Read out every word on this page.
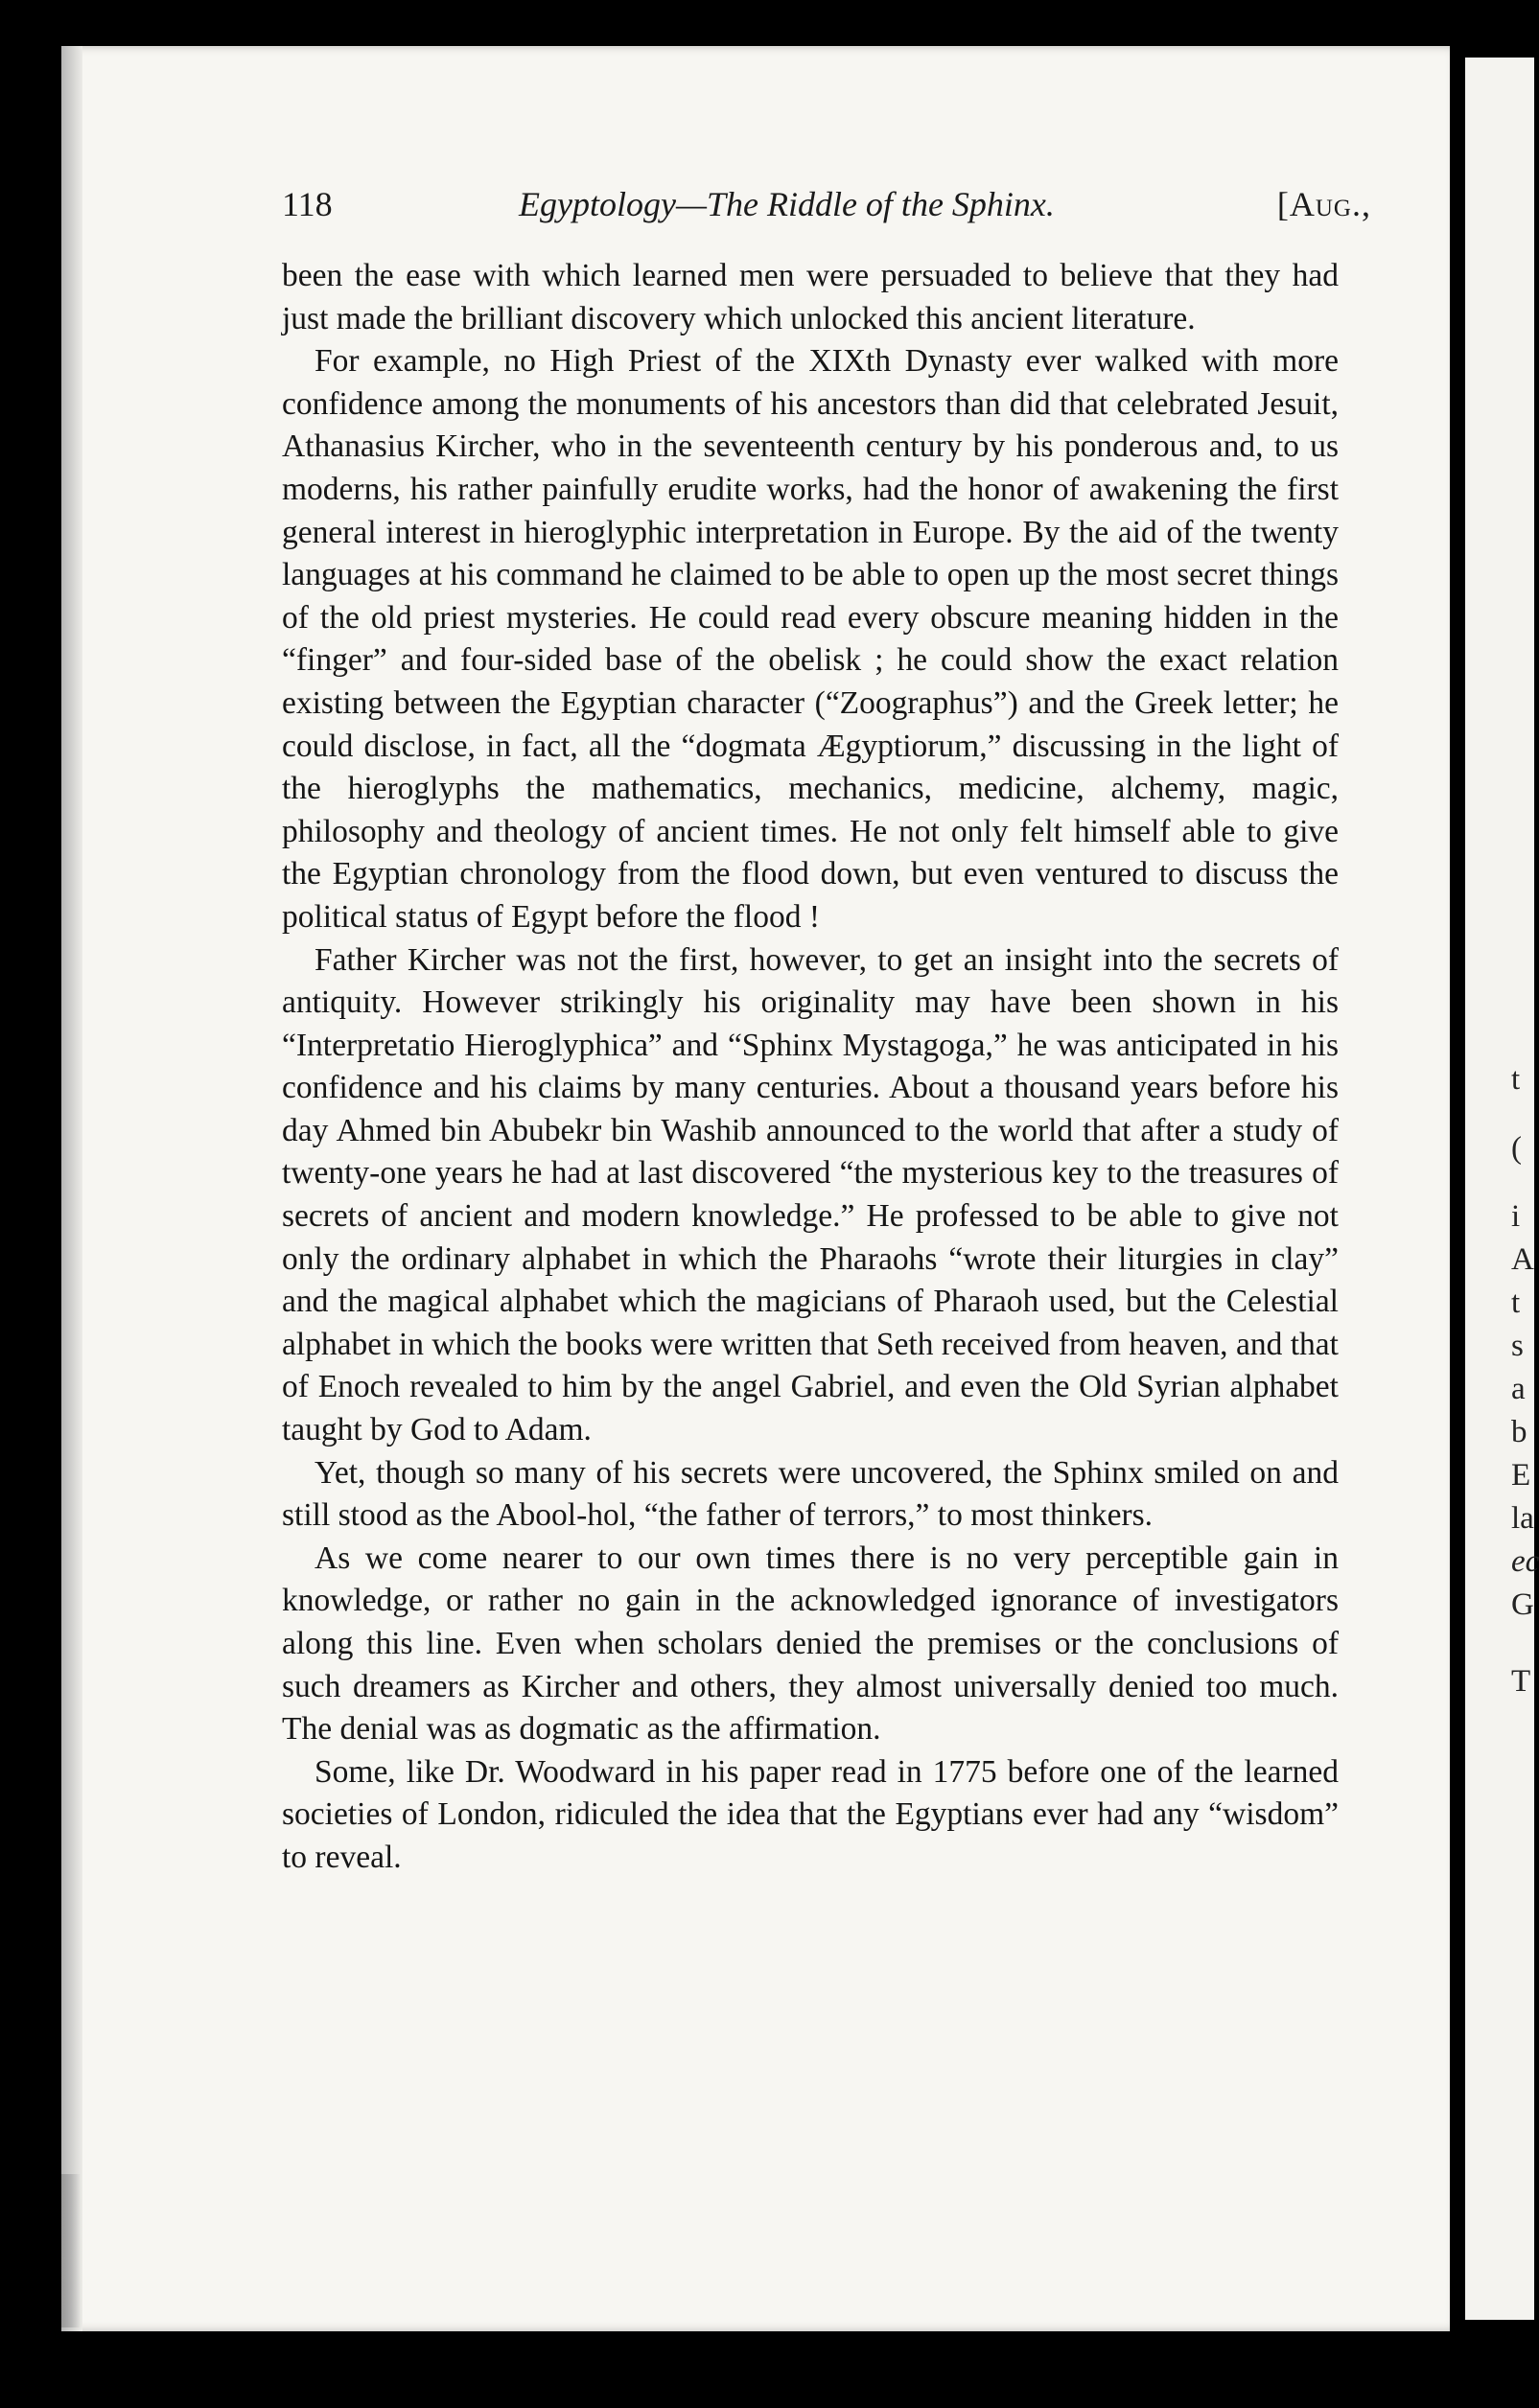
t
(
i
A
t
s
a
b
E
la
ec
G
T
118	Egyptology—The Riddle of the Sphinx.	[Aug.,

been the ease with which learned men were persuaded to believe that they had just made the brilliant discovery which unlocked this ancient literature.

For example, no High Priest of the XIXth Dynasty ever walked with more confidence among the monuments of his ancestors than did that celebrated Jesuit, Athanasius Kircher, who in the seventeenth century by his ponderous and, to us moderns, his rather painfully erudite works, had the honor of awakening the first general interest in hieroglyphic interpretation in Europe. By the aid of the twenty languages at his command he claimed to be able to open up the most secret things of the old priest mysteries. He could read every obscure meaning hidden in the “finger” and four-sided base of the obelisk ; he could show the exact relation existing between the Egyptian character (“Zoographus”) and the Greek letter; he could disclose, in fact, all the “dogmata Ægyptiorum,” discussing in the light of the hieroglyphs the mathematics, mechanics, medicine, alchemy, magic, philosophy and theology of ancient times. He not only felt himself able to give the Egyptian chronology from the flood down, but even ventured to discuss the political status of Egypt before the flood !

Father Kircher was not the first, however, to get an insight into the secrets of antiquity. However strikingly his originality may have been shown in his “Interpretatio Hieroglyphica” and “Sphinx Mystagoga,” he was anticipated in his confidence and his claims by many centuries. About a thousand years before his day Ahmed bin Abubekr bin Washib announced to the world that after a study of twenty-one years he had at last discovered “the mysterious key to the treasures of secrets of ancient and modern knowledge.” He professed to be able to give not only the ordinary alphabet in which the Pharaohs “wrote their liturgies in clay” and the magical alphabet which the magicians of Pharaoh used, but the Celestial alphabet in which the books were written that Seth received from heaven, and that of Enoch revealed to him by the angel Gabriel, and even the Old Syrian alphabet taught by God to Adam.

Yet, though so many of his secrets were uncovered, the Sphinx smiled on and still stood as the Abool-hol, “the father of terrors,” to most thinkers.

As we come nearer to our own times there is no very perceptible gain in knowledge, or rather no gain in the acknowledged ignorance of investigators along this line. Even when scholars denied the premises or the conclusions of such dreamers as Kircher and others, they almost universally denied too much. The denial was as dogmatic as the affirmation.

Some, like Dr. Woodward in his paper read in 1775 before one of the learned societies of London, ridiculed the idea that the Egyptians ever had any “wisdom” to reveal.
